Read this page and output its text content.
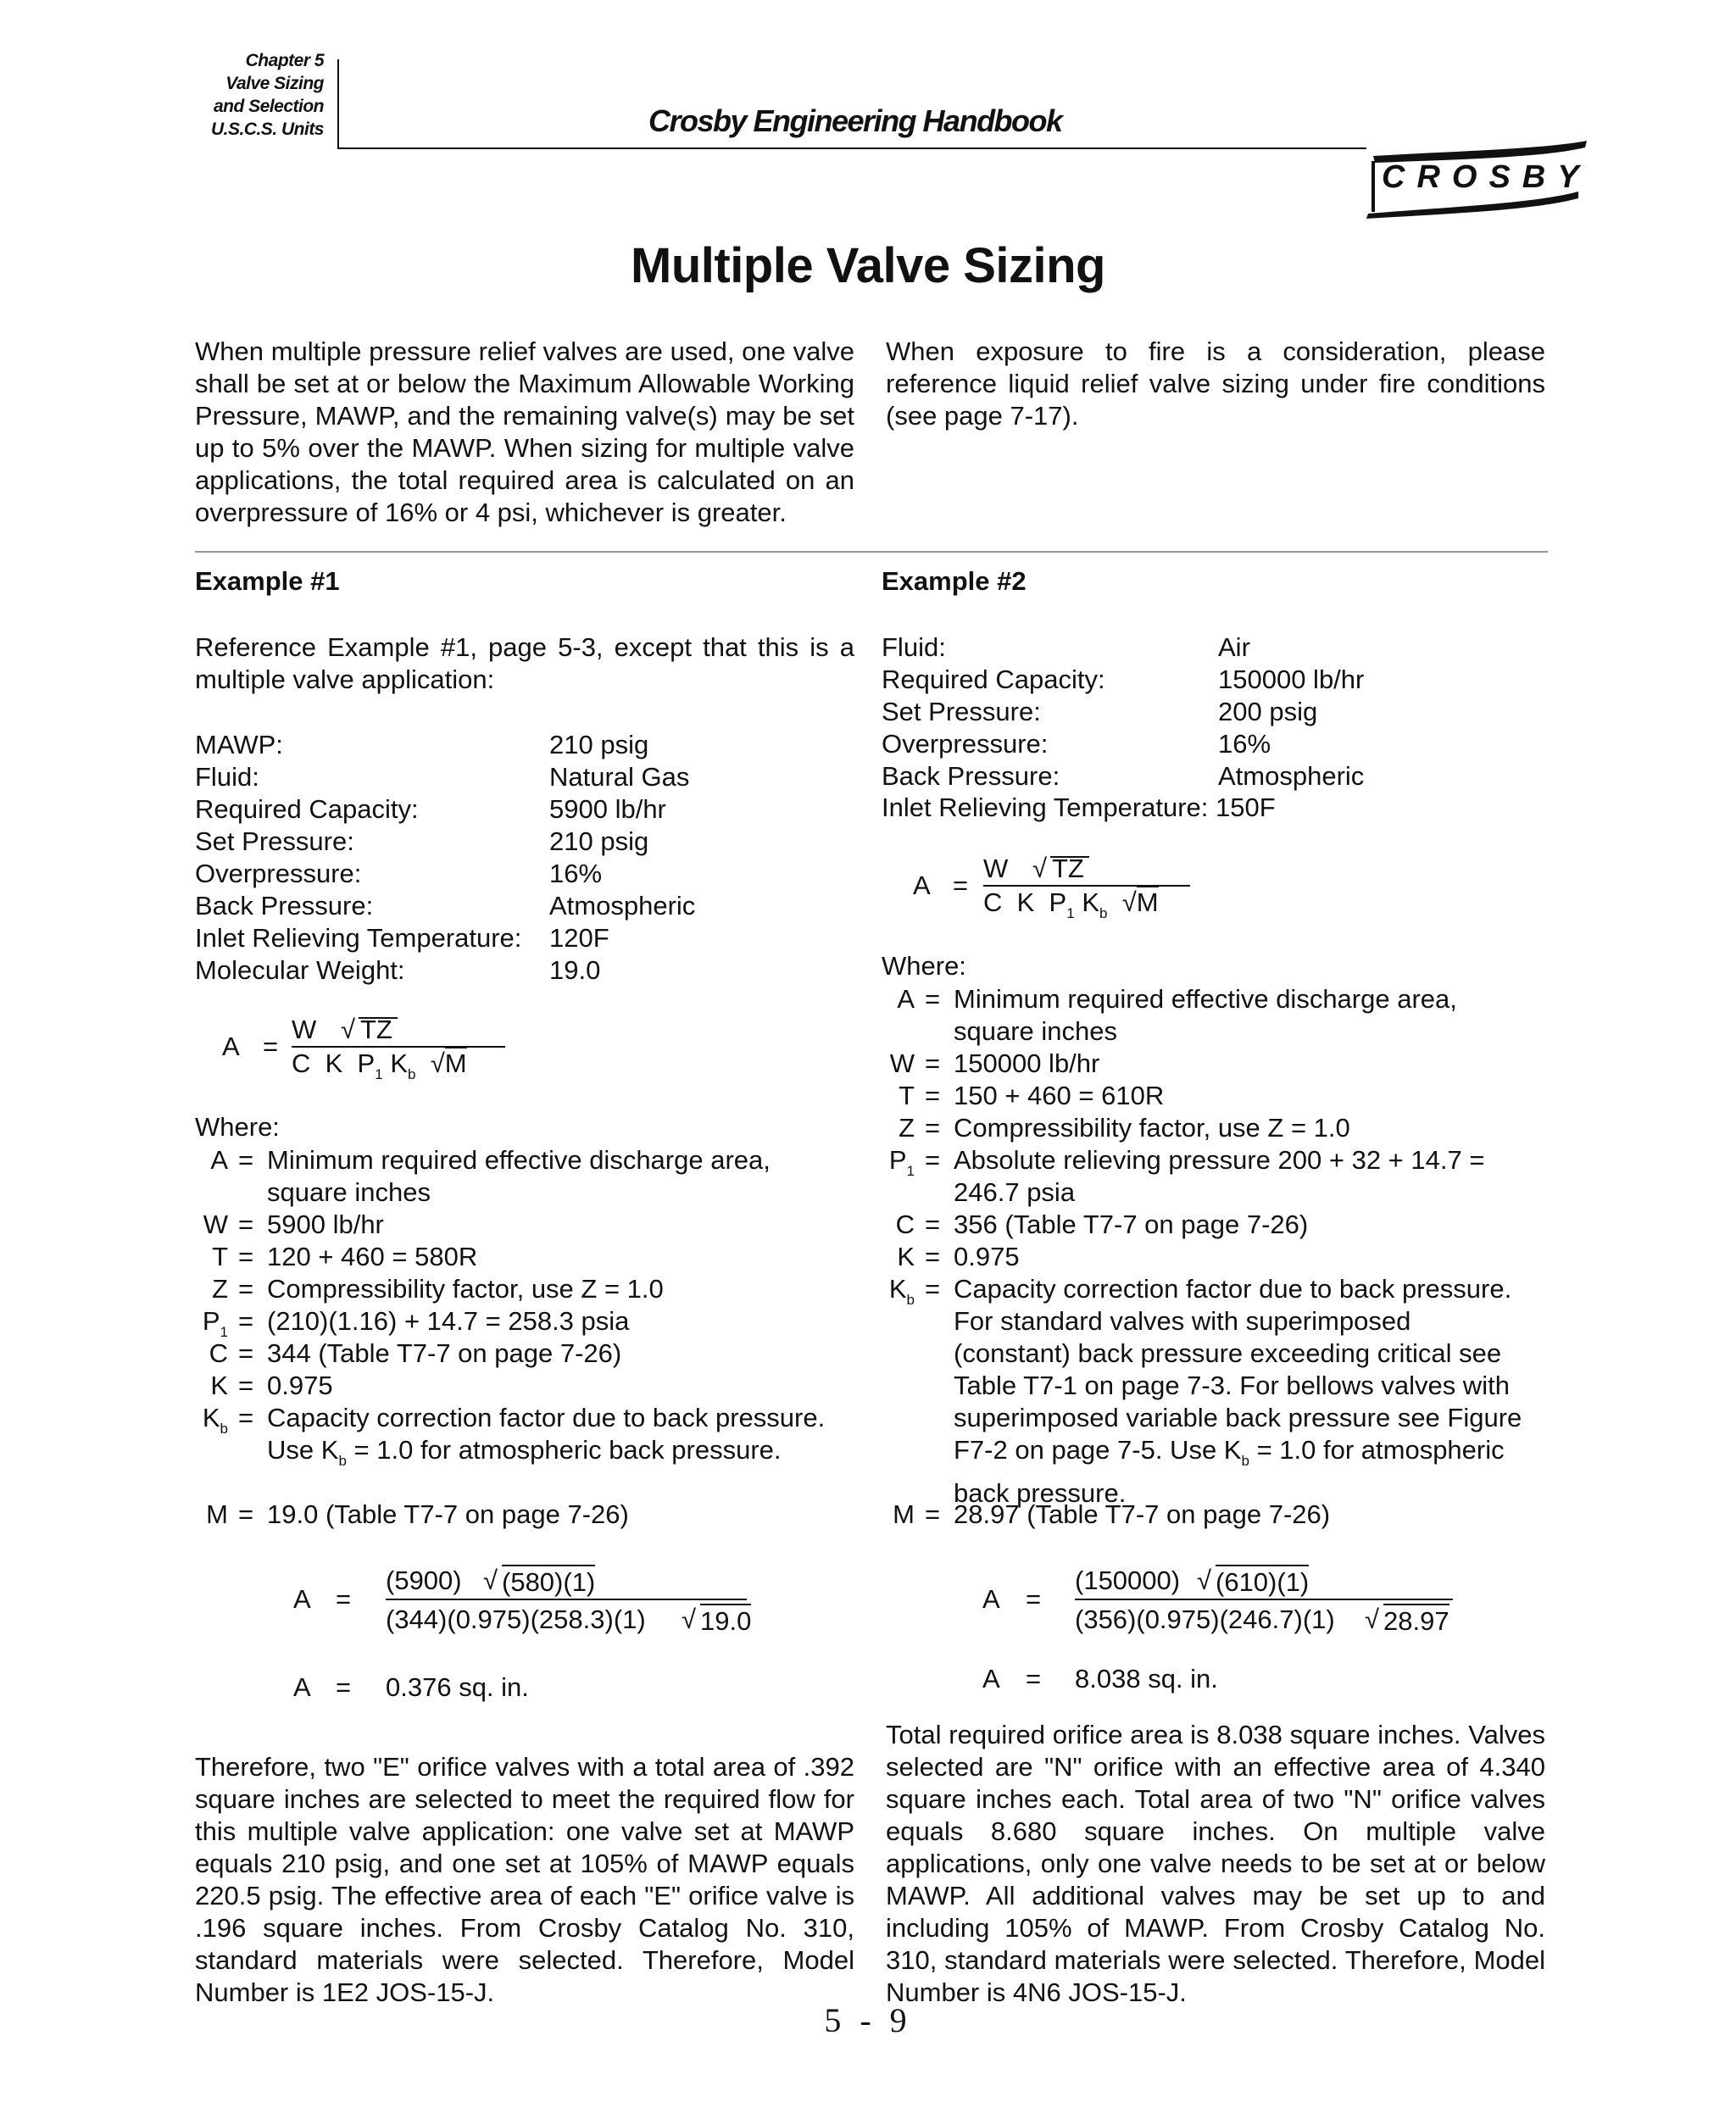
Chapter 5
Valve Sizing
and Selection
U.S.C.S. Units	Crosby Engineering Handbook
CROSBY
Multiple Valve Sizing

When multiple pressure relief valves are used, one valve shall be set at or below the Maximum Allowable Working Pressure, MAWP, and the remaining valve(s) may be set up to 5% over the MAWP. When sizing for multiple valve applications, the total required area is calculated on an overpressure of 16% or 4 psi, whichever is greater.

When exposure to fire is a consideration, please reference liquid relief valve sizing under fire conditions (see page 7-17).

Example #1

Reference Example #1, page 5-3, except that this is a multiple valve application:

MAWP:	210 psig
Fluid:	Natural Gas
Required Capacity:	5900 lb/hr
Set Pressure:	210 psig
Overpressure:	16%
Back Pressure:	Atmospheric
Inlet Relieving Temperature: 120F
Molecular Weight:	19.0
A =
W √ TZ
C K $P_1$ $K_b$ √M
Where:
A = Minimum required effective discharge area, square inches
W = 5900 lb/hr
T = 120 + 460 = 580R
Z = Compressibility factor, use Z = 1.0
$P_1 = (210)(1.16) + 14.7 = 258.3$ psia
C = 344 (Table T7-7 on page 7-26)
K = 0.975
$K_b$ = Capacity correction factor due to back pressure. Use $K_b = 1.0$ for atmospheric back pressure.
M = 19.0 (Table T7-7 on page 7-26)
A =
(5900) √ (580)(1)
(344)(0.975)(258.3)(1) √ 19.0
A = 0.376 sq. in.

Therefore, two "E" orifice valves with a total area of .392 square inches are selected to meet the required flow for this multiple valve application: one valve set at MAWP equals 210 psig, and one set at 105% of MAWP equals 220.5 psig. The effective area of each "E" orifice valve is .196 square inches. From Crosby Catalog No. 310, standard materials were selected. Therefore, Model Number is 1E2 JOS-15-J.

Example #2
Fluid:	Air
Required Capacity:	150000 lb/hr
Set Pressure:	200 psig
Overpressure:	16%
Back Pressure:	Atmospheric
Inlet Relieving Temperature: 150F
A =
W √ TZ
C K $P_1$ $K_b$ √M
Where:
A = Minimum required effective discharge area, square inches
W = 150000 lb/hr
T = 150 + 460 = 610R
Z = Compressibility factor, use Z = 1.0
$P_1$ = Absolute relieving pressure 200 + 32 + 14.7 = 246.7 psia
C = 356 (Table T7-7 on page 7-26)
K = 0.975
$K_b$ = Capacity correction factor due to back pressure. For standard valves with superimposed (constant) back pressure exceeding critical see Table T7-1 on page 7-3. For bellows valves with superimposed variable back pressure see Figure F7-2 on page 7-5. Use $K_b = 1.0$ for atmospheric back pressure.
M = 28.97 (Table T7-7 on page 7-26)
A =
(150000) √ (610)(1)
(356)(0.975)(246.7)(1) √ 28.97
A = 8.038 sq. in.

Total required orifice area is 8.038 square inches. Valves selected are "N" orifice with an effective area of 4.340 square inches each. Total area of two "N" orifice valves equals 8.680 square inches. On multiple valve applications, only one valve needs to be set at or below MAWP. All additional valves may be set up to and including 105% of MAWP. From Crosby Catalog No. 310, standard materials were selected. Therefore, Model Number is 4N6 JOS-15-J.

5 - 9
